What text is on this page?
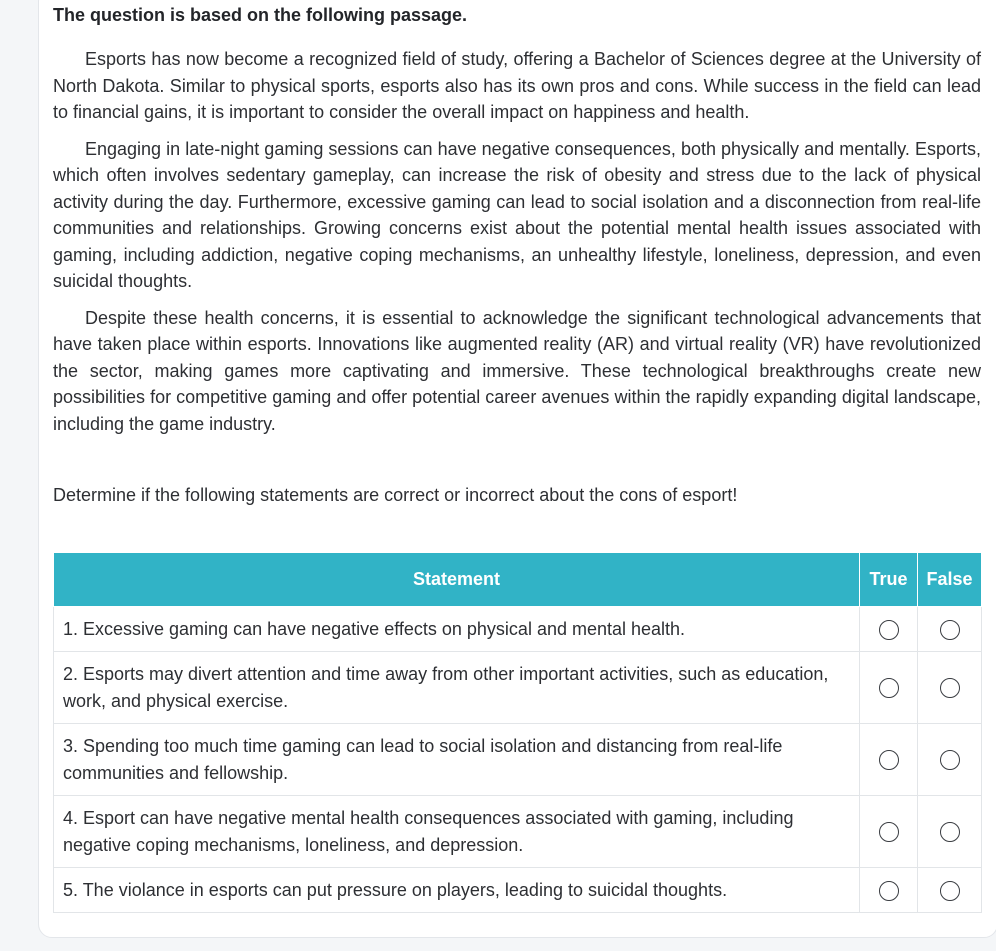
The question is based on the following passage.

Esports has now become a recognized field of study, offering a Bachelor of Sciences degree at the University of North Dakota. Similar to physical sports, esports also has its own pros and cons. While success in the field can lead to financial gains, it is important to consider the overall impact on happiness and health.

Engaging in late-night gaming sessions can have negative consequences, both physically and mentally. Esports, which often involves sedentary gameplay, can increase the risk of obesity and stress due to the lack of physical activity during the day. Furthermore, excessive gaming can lead to social isolation and a disconnection from real-life communities and relationships. Growing concerns exist about the potential mental health issues associated with gaming, including addiction, negative coping mechanisms, an unhealthy lifestyle, loneliness, depression, and even suicidal thoughts.

Despite these health concerns, it is essential to acknowledge the significant technological advancements that have taken place within esports. Innovations like augmented reality (AR) and virtual reality (VR) have revolutionized the sector, making games more captivating and immersive. These technological breakthroughs create new possibilities for competitive gaming and offer potential career avenues within the rapidly expanding digital landscape, including the game industry.

Determine if the following statements are correct or incorrect about the cons of esport!

Statement	True	False
1. Excessive gaming can have negative effects on physical and mental health.		
2. Esports may divert attention and time away from other important activities, such as education, work, and physical exercise.		
3. Spending too much time gaming can lead to social isolation and distancing from real-life communities and fellowship.		
4. Esport can have negative mental health consequences associated with gaming, including negative coping mechanisms, loneliness, and depression.		
5. The violance in esports can put pressure on players, leading to suicidal thoughts.		
